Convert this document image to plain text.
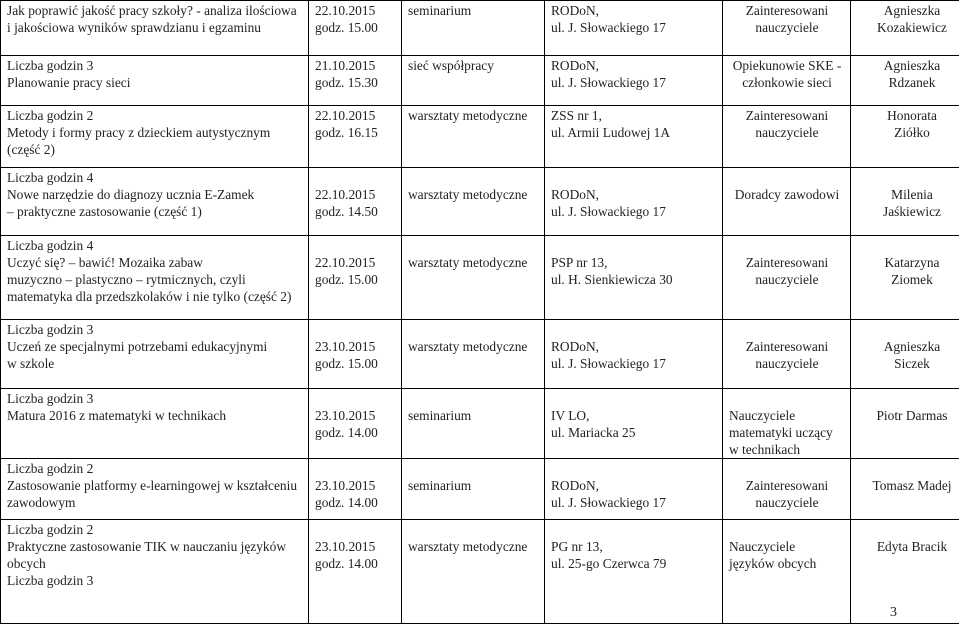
Jak poprawić jakość pracy szkoły? - analiza ilościowa
i jakościowa wyników sprawdzianu i egzaminu	22.10.2015
godz. 15.00	seminarium	RODoN,
ul. J. Słowackiego 17	Zainteresowani
nauczyciele	Agnieszka
Kozakiewicz

Liczba godzin 3
Planowanie pracy sieci	21.10.2015
godz. 15.30	sieć współpracy	RODoN,
ul. J. Słowackiego 17	Opiekunowie SKE -
członkowie sieci	Agnieszka
Rdzanek

Liczba godzin 2
Metody i formy pracy z dzieckiem autystycznym
(część 2)	22.10.2015
godz. 16.15	warsztaty metodyczne	ZSS nr 1,
ul. Armii Ludowej 1A	Zainteresowani
nauczyciele	Honorata
Ziółko

Liczba godzin 4
Nowe narzędzie do diagnozy ucznia E-Zamek
– praktyczne zastosowanie (część 1)	22.10.2015
godz. 14.50	warsztaty metodyczne	RODoN,
ul. J. Słowackiego 17	Doradcy zawodowi	Milenia
Jaśkiewicz

Liczba godzin 4
Uczyć się? – bawić! Mozaika zabaw
muzyczno – plastyczno – rytmicznych, czyli
matematyka dla przedszkolaków i nie tylko (część 2)	22.10.2015
godz. 15.00	warsztaty metodyczne	PSP nr 13,
ul. H. Sienkiewicza 30	Zainteresowani
nauczyciele	Katarzyna
Ziomek

Liczba godzin 3
Uczeń ze specjalnymi potrzebami edukacyjnymi
w szkole	23.10.2015
godz. 15.00	warsztaty metodyczne	RODoN,
ul. J. Słowackiego 17	Zainteresowani
nauczyciele	Agnieszka
Siczek

Liczba godzin 3
Matura 2016 z matematyki w technikach	23.10.2015
godz. 14.00	seminarium	IV LO,
ul. Mariacka 25	Nauczyciele
matematyki uczący
w technikach	Piotr Darmas

Liczba godzin 2
Zastosowanie platformy e-learningowej w kształceniu
zawodowym	23.10.2015
godz. 14.00	seminarium	RODoN,
ul. J. Słowackiego 17	Zainteresowani
nauczyciele	Tomasz Madej

Liczba godzin 2
Praktyczne zastosowanie TIK w nauczaniu języków
obcych
Liczba godzin 3	23.10.2015
godz. 14.00	warsztaty metodyczne	PG nr 13,
ul. 25-go Czerwca 79	Nauczyciele
języków obcych	Edyta Bracik
3
